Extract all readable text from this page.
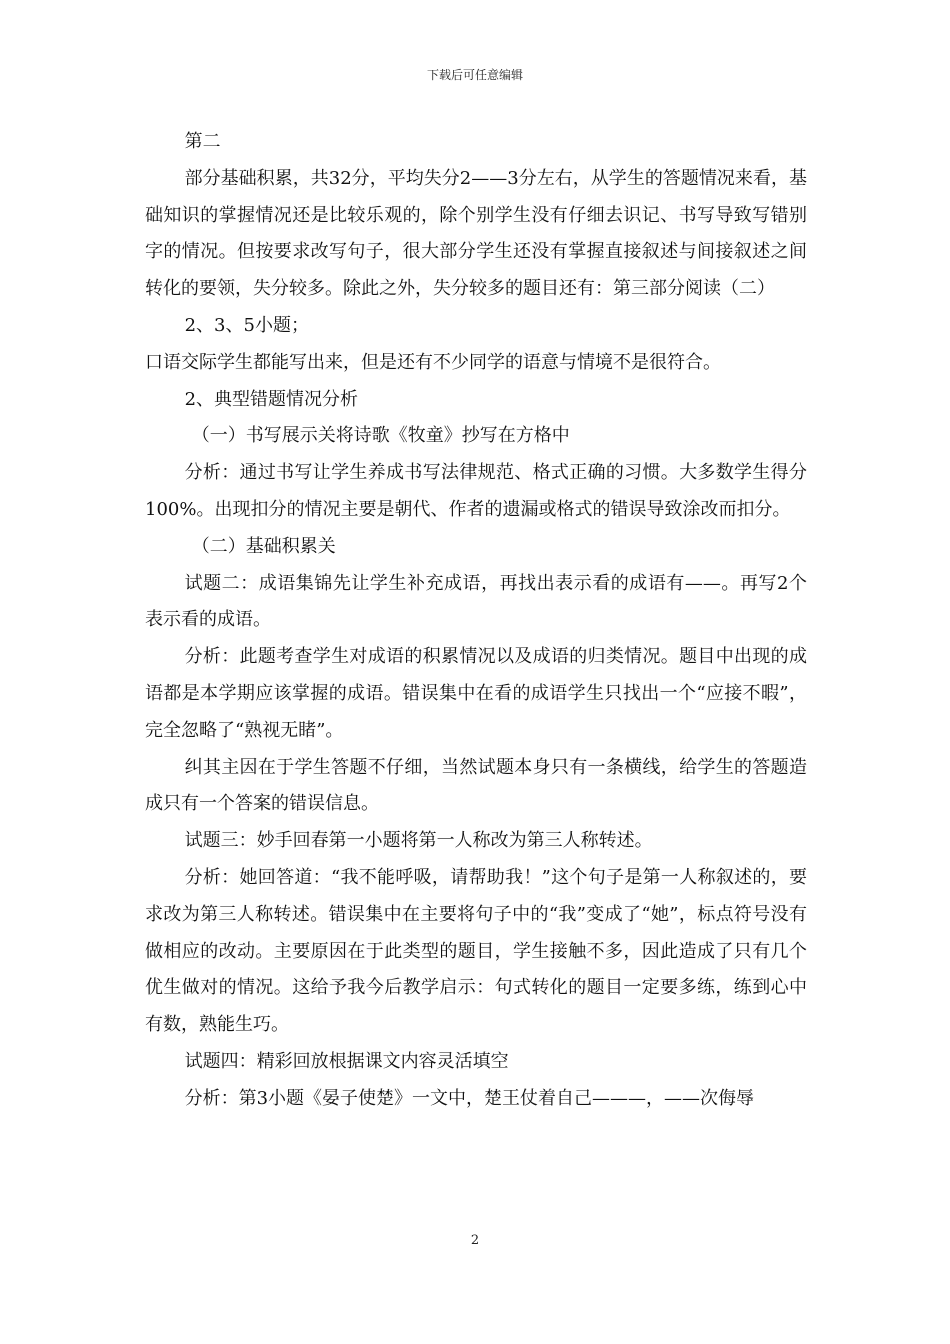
下载后可任意编辑

第二

部分基础积累，共32分，平均失分2——3分左右，从学生的答题情况来看，基础知识的掌握情况还是比较乐观的，除个别学生没有仔细去识记、书写导致写错别字的情况。但按要求改写句子，很大部分学生还没有掌握直接叙述与间接叙述之间转化的要领，失分较多。除此之外，失分较多的题目还有：第三部分阅读（二）

2、3、5小题；

口语交际学生都能写出来，但是还有不少同学的语意与情境不是很符合。

2、典型错题情况分析

（一）书写展示关将诗歌《牧童》抄写在方格中

分析：通过书写让学生养成书写法律规范、格式正确的习惯。大多数学生得分100%。出现扣分的情况主要是朝代、作者的遗漏或格式的错误导致涂改而扣分。

（二）基础积累关

试题二：成语集锦先让学生补充成语，再找出表示看的成语有——。再写2个表示看的成语。

分析：此题考查学生对成语的积累情况以及成语的归类情况。题目中出现的成语都是本学期应该掌握的成语。错误集中在看的成语学生只找出一个“应接不暇”，完全忽略了“熟视无睹”。

纠其主因在于学生答题不仔细，当然试题本身只有一条横线，给学生的答题造成只有一个答案的错误信息。

试题三：妙手回春第一小题将第一人称改为第三人称转述。

分析：她回答道：“我不能呼吸，请帮助我！”这个句子是第一人称叙述的，要求改为第三人称转述。错误集中在主要将句子中的“我”变成了“她”，标点符号没有做相应的改动。主要原因在于此类型的题目，学生接触不多，因此造成了只有几个优生做对的情况。这给予我今后教学启示：句式转化的题目一定要多练，练到心中有数，熟能生巧。

试题四：精彩回放根据课文内容灵活填空

分析：第3小题《晏子使楚》一文中，楚王仗着自己———，——次侮辱

2
